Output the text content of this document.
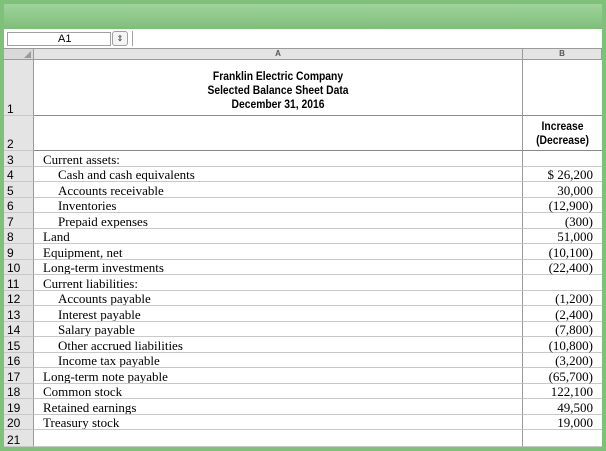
A1	⇕
A	B
1
Franklin Electric Company
Selected Balance Sheet Data
December 31, 2016
2
Increase
(Decrease)
3	Current assets:
4	Cash and cash equivalents	$ 26,200
5	Accounts receivable	30,000
6	Inventories	(12,900)
7	Prepaid expenses	(300)
8	Land	51,000
9	Equipment, net	(10,100)
10	Long-term investments	(22,400)
11	Current liabilities:
12	Accounts payable	(1,200)
13	Interest payable	(2,400)
14	Salary payable	(7,800)
15	Other accrued liabilities	(10,800)
16	Income tax payable	(3,200)
17	Long-term note payable	(65,700)
18	Common stock	122,100
19	Retained earnings	49,500
20	Treasury stock	19,000
21
